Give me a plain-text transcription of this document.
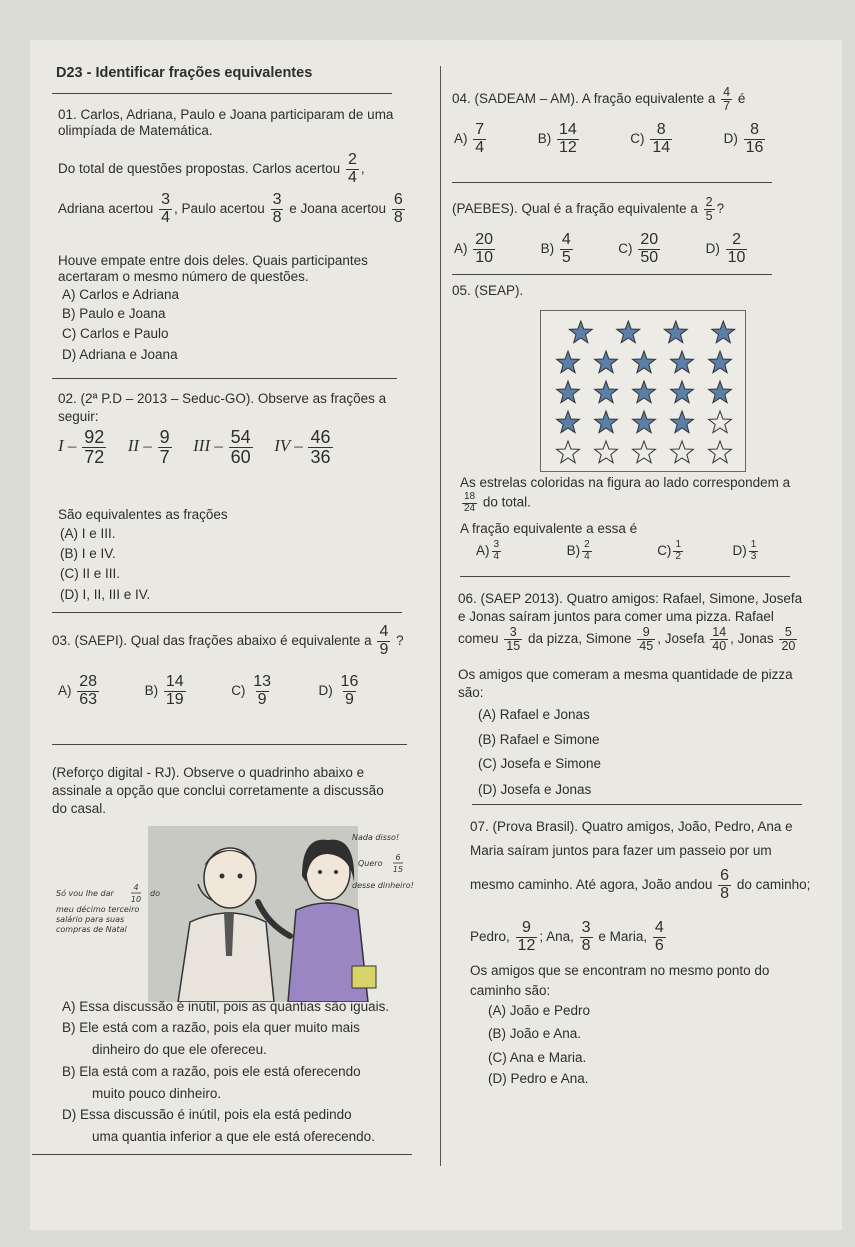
D23 - Identificar frações equivalentes

01. Carlos, Adriana, Paulo e Joana participaram de uma

olimpíada de Matemática.

Do total de questões propostas. Carlos acertou $\frac{2}{4}$ ,

Adriana acertou $\frac{3}{4}$ , Paulo acertou $\frac{3}{8}$ e Joana acertou $\frac{6}{8}$

Houve empate entre dois deles. Quais participantes

acertaram o mesmo número de questões.

A) Carlos e Adriana

B) Paulo e Joana

C) Carlos e Paulo

D) Adriana e Joana

02. (2ª P.D – 2013 – Seduc-GO). Observe as frações a

seguir:

I – $\frac{92}{72}$ II – $\frac{9}{7}$ III – $\frac{54}{60}$ IV – $\frac{46}{36}$

São equivalentes as frações

(A) I e III.

(B) I e IV.

(C) II e III.

(D) I, II, III e IV.

03. (SAEPI). Qual das frações abaixo é equivalente a $\frac{4}{9}$ ?

$A) \frac{28}{63}$	$B) \frac{14}{19}$	$C) \frac{13}{9}$	$D) \frac{16}{9}$

(Reforço digital - RJ). Observe o quadrinho abaixo e

assinale a opção que conclui corretamente a discussão

do casal.

Só vou lhe dar	do
4
10
meu décimo terceiro
salário para suas
compras de Natal
Nada disso!
Quero
6
15
desse dinheiro!

A) Essa discussão é inútil, pois as quantias são iguais.

B) Ele está com a razão, pois ela quer muito mais

dinheiro do que ele ofereceu.

B) Ela está com a razão, pois ele está oferecendo

muito pouco dinheiro.

D) Essa discussão é inútil, pois ela está pedindo

uma quantia inferior a que ele está oferecendo.

04. (SADEAM – AM). A fração equivalente a $\frac{4}{7}$ é

$A) \frac{7}{4}$	$B) \frac{14}{12}$	$C) \frac{8}{14}$	$D) \frac{8}{16}$

(PAEBES). Qual é a fração equivalente a $\frac{2}{5}$ ?

$A) \frac{20}{10}$	$B) \frac{4}{5}$	$C) \frac{20}{50}$	$D) \frac{2}{10}$

05. (SEAP).

As estrelas coloridas na figura ao lado correspondem a

$\frac{18}{24}$ do total.

A fração equivalente a essa é

$A) \frac{3}{4}$	$B) \frac{2}{4}$	$C) \frac{1}{2}$	$D) \frac{1}{3}$

06. (SAEP 2013). Quatro amigos: Rafael, Simone, Josefa

e Jonas saíram juntos para comer uma pizza. Rafael

comeu $\frac{3}{15}$ da pizza, Simone $\frac{9}{45}$ , Josefa $\frac{14}{40}$ , Jonas $\frac{5}{20}$

Os amigos que comeram a mesma quantidade de pizza

são:

(A) Rafael e Jonas

(B) Rafael e Simone

(C) Josefa e Simone

(D) Josefa e Jonas

07. (Prova Brasil). Quatro amigos, João, Pedro, Ana e

Maria saíram juntos para fazer um passeio por um

mesmo caminho. Até agora, João andou $\frac{6}{8}$ do caminho;

Pedro, $\frac{9}{12}$ ; Ana, $\frac{3}{8}$ e Maria, $\frac{4}{6}$

Os amigos que se encontram no mesmo ponto do

caminho são:

(A) João e Pedro

(B) João e Ana.

(C) Ana e Maria.

(D) Pedro e Ana.
